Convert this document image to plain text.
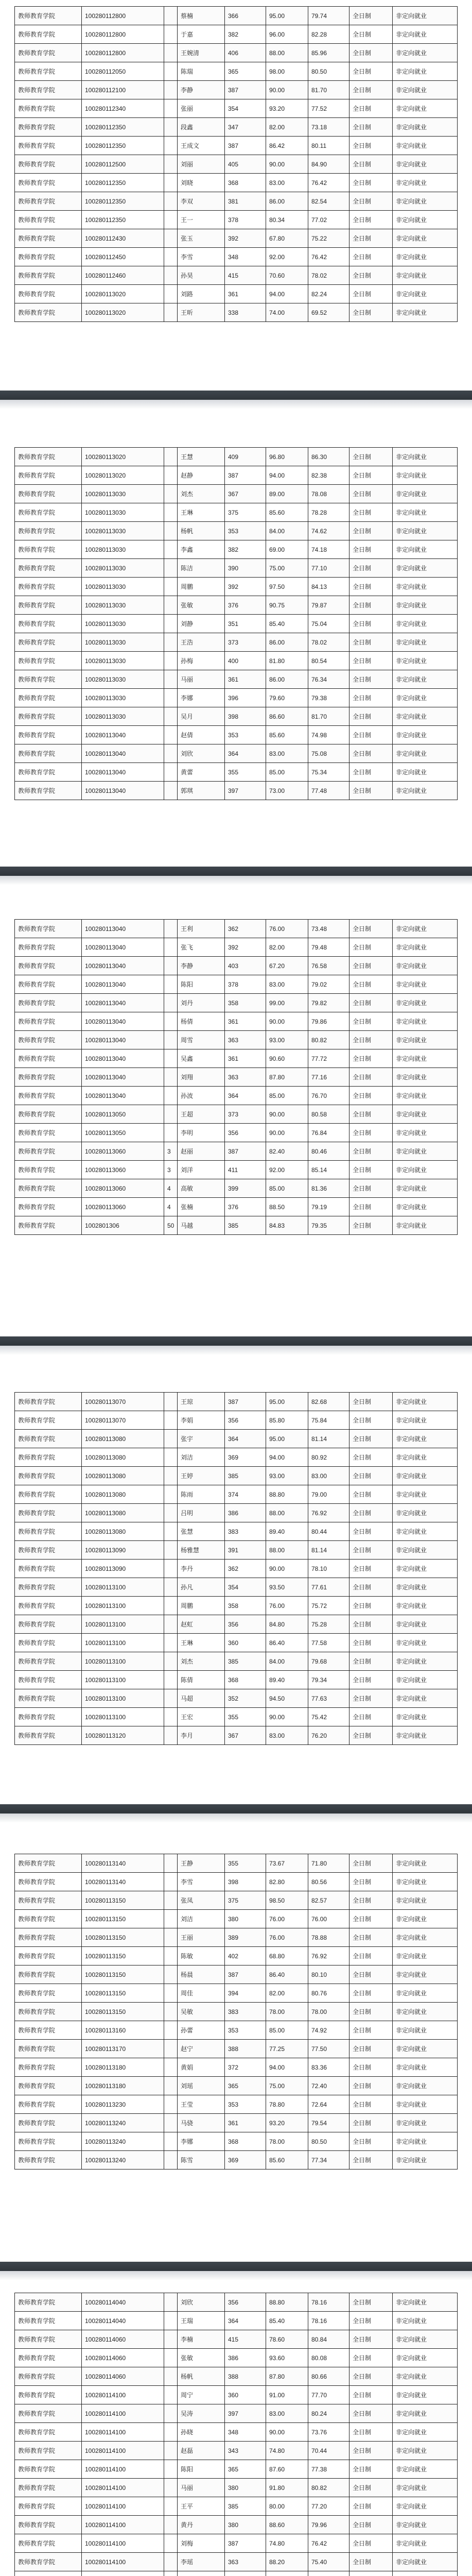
教师教育学院	100280112800		蔡楠	366	95.00	79.74	全日制	非定向就业
教师教育学院	100280112800		于嘉	382	96.00	82.28	全日制	非定向就业
教师教育学院	100280112800		王婉清	406	88.00	85.96	全日制	非定向就业
教师教育学院	100280112050		陈瑞	365	98.00	80.50	全日制	非定向就业
教师教育学院	100280112100		李静	387	90.00	81.70	全日制	非定向就业
教师教育学院	100280112340		张丽	354	93.20	77.52	全日制	非定向就业
教师教育学院	100280112350		段鑫	347	82.00	73.18	全日制	非定向就业
教师教育学院	100280112350		王成文	387	86.42	80.11	全日制	非定向就业
教师教育学院	100280112500		刘丽	405	90.00	84.90	全日制	非定向就业
教师教育学院	100280112350		刘晓	368	83.00	76.42	全日制	非定向就业
教师教育学院	100280112350		李双	381	86.00	82.54	全日制	非定向就业
教师教育学院	100280112350		王一	378	80.34	77.02	全日制	非定向就业
教师教育学院	100280112430		张玉	392	67.80	75.22	全日制	非定向就业
教师教育学院	100280112450		李雪	348	92.00	76.42	全日制	非定向就业
教师教育学院	100280112460		孙昊	415	70.60	78.02	全日制	非定向就业
教师教育学院	100280113020		刘路	361	94.00	82.24	全日制	非定向就业
教师教育学院	100280113020		王昕	338	74.00	69.52	全日制	非定向就业
教师教育学院	100280113020		王慧	409	96.80	86.30	全日制	非定向就业
教师教育学院	100280113020		赵静	387	94.00	82.38	全日制	非定向就业
教师教育学院	100280113030		刘杰	367	89.00	78.08	全日制	非定向就业
教师教育学院	100280113030		王琳	375	85.60	78.28	全日制	非定向就业
教师教育学院	100280113030		杨帆	353	84.00	74.62	全日制	非定向就业
教师教育学院	100280113030		李鑫	382	69.00	74.18	全日制	非定向就业
教师教育学院	100280113030		陈洁	390	75.00	77.10	全日制	非定向就业
教师教育学院	100280113030		周鹏	392	97.50	84.13	全日制	非定向就业
教师教育学院	100280113030		张敏	376	90.75	79.87	全日制	非定向就业
教师教育学院	100280113030		刘静	351	85.40	75.04	全日制	非定向就业
教师教育学院	100280113030		王浩	373	86.00	78.02	全日制	非定向就业
教师教育学院	100280113030		孙梅	400	81.80	80.54	全日制	非定向就业
教师教育学院	100280113030		马丽	361	86.00	76.34	全日制	非定向就业
教师教育学院	100280113030		李娜	396	79.60	79.38	全日制	非定向就业
教师教育学院	100280113030		吴月	398	86.60	81.70	全日制	非定向就业
教师教育学院	100280113040		赵倩	353	85.60	74.98	全日制	非定向就业
教师教育学院	100280113040		刘欣	364	83.00	75.08	全日制	非定向就业
教师教育学院	100280113040		黄蕾	355	85.00	75.34	全日制	非定向就业
教师教育学院	100280113040		郭琪	397	73.00	77.48	全日制	非定向就业
教师教育学院	100280113040		王利	362	76.00	73.48	全日制	非定向就业
教师教育学院	100280113040		张飞	392	82.00	79.48	全日制	非定向就业
教师教育学院	100280113040		李静	403	67.20	76.58	全日制	非定向就业
教师教育学院	100280113040		陈阳	378	83.00	79.02	全日制	非定向就业
教师教育学院	100280113040		刘丹	358	99.00	79.82	全日制	非定向就业
教师教育学院	100280113040		杨倩	361	90.00	79.86	全日制	非定向就业
教师教育学院	100280113040		周雪	363	93.00	80.82	全日制	非定向就业
教师教育学院	100280113040		吴鑫	361	90.60	77.72	全日制	非定向就业
教师教育学院	100280113040		刘翔	363	87.80	77.16	全日制	非定向就业
教师教育学院	100280113040		孙波	364	85.00	76.70	全日制	非定向就业
教师教育学院	100280113050		王超	373	90.00	80.58	全日制	非定向就业
教师教育学院	100280113050		李明	356	90.00	76.84	全日制	非定向就业
教师教育学院	100280113060	3	赵丽	387	82.40	80.46	全日制	非定向就业
教师教育学院	100280113060	3	刘洋	411	92.00	85.14	全日制	非定向就业
教师教育学院	100280113060	4	高敏	399	85.00	81.36	全日制	非定向就业
教师教育学院	100280113060	4	张楠	376	88.50	79.19	全日制	非定向就业
教师教育学院	1002801306	50	马越	385	84.83	79.35	全日制	非定向就业
教师教育学院	100280113070		王琼	387	95.00	82.68	全日制	非定向就业
教师教育学院	100280113070		李娟	356	85.80	75.84	全日制	非定向就业
教师教育学院	100280113080		张宇	364	95.00	81.14	全日制	非定向就业
教师教育学院	100280113080		刘洁	369	94.00	80.92	全日制	非定向就业
教师教育学院	100280113080		王婷	385	93.00	83.00	全日制	非定向就业
教师教育学院	100280113080		陈雨	374	88.80	79.00	全日制	非定向就业
教师教育学院	100280113080		吕明	386	88.00	76.92	全日制	非定向就业
教师教育学院	100280113080		张慧	383	89.40	80.44	全日制	非定向就业
教师教育学院	100280113090		杨雅慧	391	88.00	81.14	全日制	非定向就业
教师教育学院	100280113090		李丹	362	90.00	78.10	全日制	非定向就业
教师教育学院	100280113100		孙凡	354	93.50	77.61	全日制	非定向就业
教师教育学院	100280113100		周鹏	358	76.00	75.72	全日制	非定向就业
教师教育学院	100280113100		赵虹	356	84.80	75.28	全日制	非定向就业
教师教育学院	100280113100		王琳	360	86.40	77.58	全日制	非定向就业
教师教育学院	100280113100		刘杰	385	84.00	79.68	全日制	非定向就业
教师教育学院	100280113100		陈倩	368	89.40	79.34	全日制	非定向就业
教师教育学院	100280113100		马超	352	94.50	77.63	全日制	非定向就业
教师教育学院	100280113100		王宏	355	90.00	75.42	全日制	非定向就业
教师教育学院	100280113120		李月	367	83.00	76.20	全日制	非定向就业
教师教育学院	100280113140		王静	355	73.67	71.80	全日制	非定向就业
教师教育学院	100280113140		李雪	398	82.80	80.56	全日制	非定向就业
教师教育学院	100280113150		张凤	375	98.50	82.57	全日制	非定向就业
教师教育学院	100280113150		刘洁	380	76.00	76.00	全日制	非定向就业
教师教育学院	100280113150		王丽	389	76.00	78.88	全日制	非定向就业
教师教育学院	100280113150		陈敏	402	68.80	76.92	全日制	非定向就业
教师教育学院	100280113150		杨晨	387	86.40	80.10	全日制	非定向就业
教师教育学院	100280113150		周佳	394	82.00	80.76	全日制	非定向就业
教师教育学院	100280113150		吴敏	383	78.00	78.00	全日制	非定向就业
教师教育学院	100280113160		孙蕾	353	85.00	74.92	全日制	非定向就业
教师教育学院	100280113170		赵宁	388	77.25	77.50	全日制	非定向就业
教师教育学院	100280113180		黄娟	372	94.00	83.36	全日制	非定向就业
教师教育学院	100280113180		刘瑶	365	75.00	72.40	全日制	非定向就业
教师教育学院	100280113230		王莹	353	78.80	72.64	全日制	非定向就业
教师教育学院	100280113240		马骁	361	93.20	79.54	全日制	非定向就业
教师教育学院	100280113240		李娜	368	78.00	80.50	全日制	非定向就业
教师教育学院	100280113240		陈雪	369	85.60	77.34	全日制	非定向就业
教师教育学院	100280114040		刘欣	356	88.80	78.16	全日制	非定向就业
教师教育学院	100280114040		王瑞	364	85.40	78.16	全日制	非定向就业
教师教育学院	100280114060		李楠	415	78.60	80.84	全日制	非定向就业
教师教育学院	100280114060		张敏	386	93.60	80.08	全日制	非定向就业
教师教育学院	100280114060		杨帆	388	87.80	80.66	全日制	非定向就业
教师教育学院	100280114100		周宁	360	91.00	77.70	全日制	非定向就业
教师教育学院	100280114100		吴涛	397	83.00	80.24	全日制	非定向就业
教师教育学院	100280114100		孙晓	348	90.00	73.76	全日制	非定向就业
教师教育学院	100280114100		赵磊	343	74.80	70.44	全日制	非定向就业
教师教育学院	100280114100		陈阳	365	87.60	77.38	全日制	非定向就业
教师教育学院	100280114100		马丽	380	91.80	80.82	全日制	非定向就业
教师教育学院	100280114100		王平	385	80.00	77.20	全日制	非定向就业
教师教育学院	100280114100		黄丹	380	88.60	79.96	全日制	非定向就业
教师教育学院	100280114100		刘梅	387	74.80	76.42	全日制	非定向就业
教师教育学院	100280114100		李瑶	363	88.20	75.40	全日制	非定向就业
